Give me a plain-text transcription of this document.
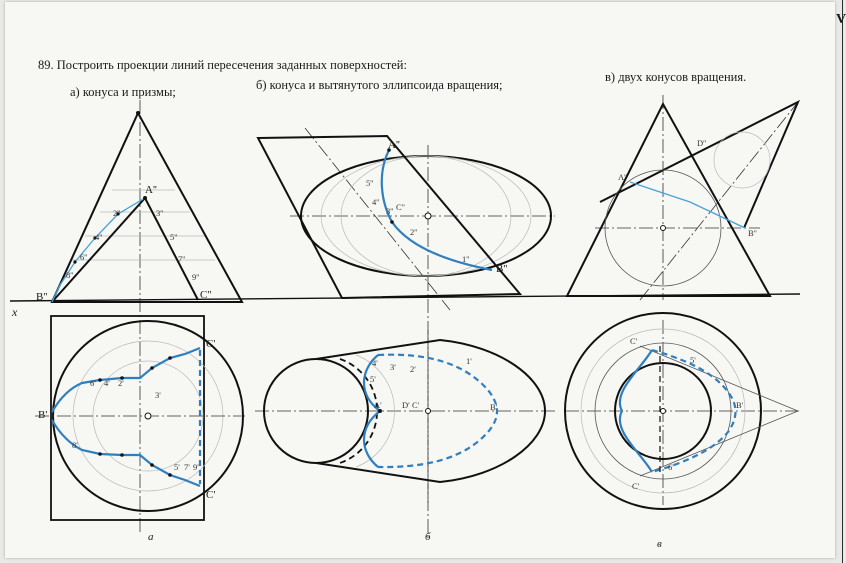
89. Построить проекции линий пересечения заданных поверхностей:

а) конуса и призмы;	б) конуса и вытянутого эллипсоида вращения;

в) двух конусов вращения.

V

x
A''
B''	C''
2''	3''
4''	5''
6''	7''
8''	9''
B'
C'
C'
2'
3'
4'
5'
6'
7'
8'
9'
а
A''
B''
C''
1''
2''
3''
4''
5''
A'	B'
C'
D'
1'
2'
3'
4'
5'
б
A''
B''
D''
C'
C'
B'
5'
6'
в
